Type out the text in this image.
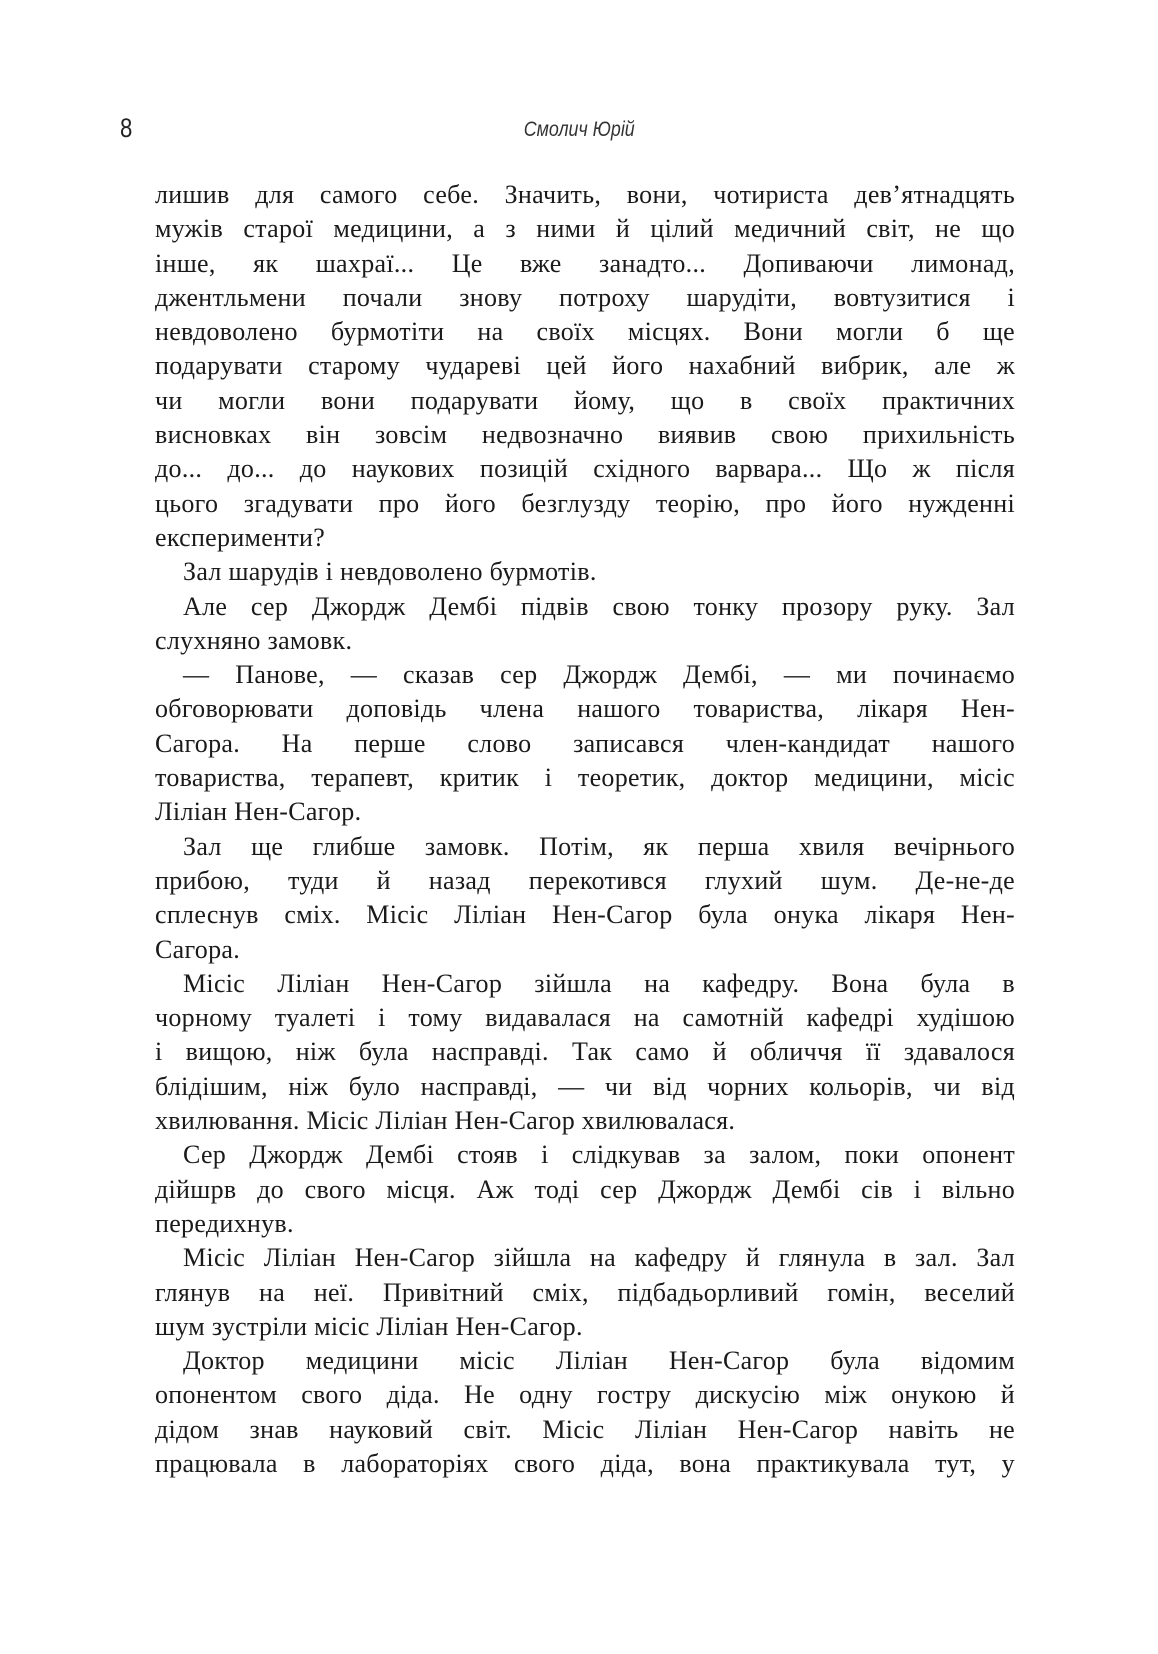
8	Смолич Юрій
лишив для самого себе. Значить, вони, чотириста дев’ятнадцять
мужів старої медицини, а з ними й цілий медичний світ, не що
інше, як шахраї... Це вже занадто... Допиваючи лимонад,
джентльмени почали знову потроху шарудіти, вовтузитися і
невдоволено бурмотіти на своїх місцях. Вони могли б ще
подарувати старому чудареві цей його нахабний вибрик, але ж
чи могли вони подарувати йому, що в своїх практичних
висновках він зовсім недвозначно виявив свою прихильність
до... до... до наукових позицій східного варвара... Що ж після
цього згадувати про його безглузду теорію, про його нужденні
експерименти?
Зал шарудів і невдоволено бурмотів.
Але сер Джордж Дембі підвів свою тонку прозору руку. Зал
слухняно замовк.
— Панове, — сказав сер Джордж Дембі, — ми починаємо
обговорювати доповідь члена нашого товариства, лікаря Нен-
Сагора. На перше слово записався член-кандидат нашого
товариства, терапевт, критик і теоретик, доктор медицини, місіс
Ліліан Нен-Сагор.
Зал ще глибше замовк. Потім, як перша хвиля вечірнього
прибою, туди й назад перекотився глухий шум. Де-не-де
сплеснув сміх. Місіс Ліліан Нен-Сагор була онука лікаря Нен-
Сагора.
Місіс Ліліан Нен-Сагор зійшла на кафедру. Вона була в
чорному туалеті і тому видавалася на самотній кафедрі худішою
і вищою, ніж була насправді. Так само й обличчя її здавалося
блідішим, ніж було насправді, — чи від чорних кольорів, чи від
хвилювання. Місіс Ліліан Нен-Сагор хвилювалася.
Сер Джордж Дембі стояв і слідкував за залом, поки опонент
дійшрв до свого місця. Аж тоді сер Джордж Дембі сів і вільно
передихнув.
Місіс Ліліан Нен-Сагор зійшла на кафедру й глянула в зал. Зал
глянув на неї. Привітний сміх, підбадьорливий гомін, веселий
шум зустріли місіс Ліліан Нен-Сагор.
Доктор медицини місіс Ліліан Нен-Сагор була відомим
опонентом свого діда. Не одну гостру дискусію між онукою й
дідом знав науковий світ. Місіс Ліліан Нен-Сагор навіть не
працювала в лабораторіях свого діда, вона практикувала тут, у
